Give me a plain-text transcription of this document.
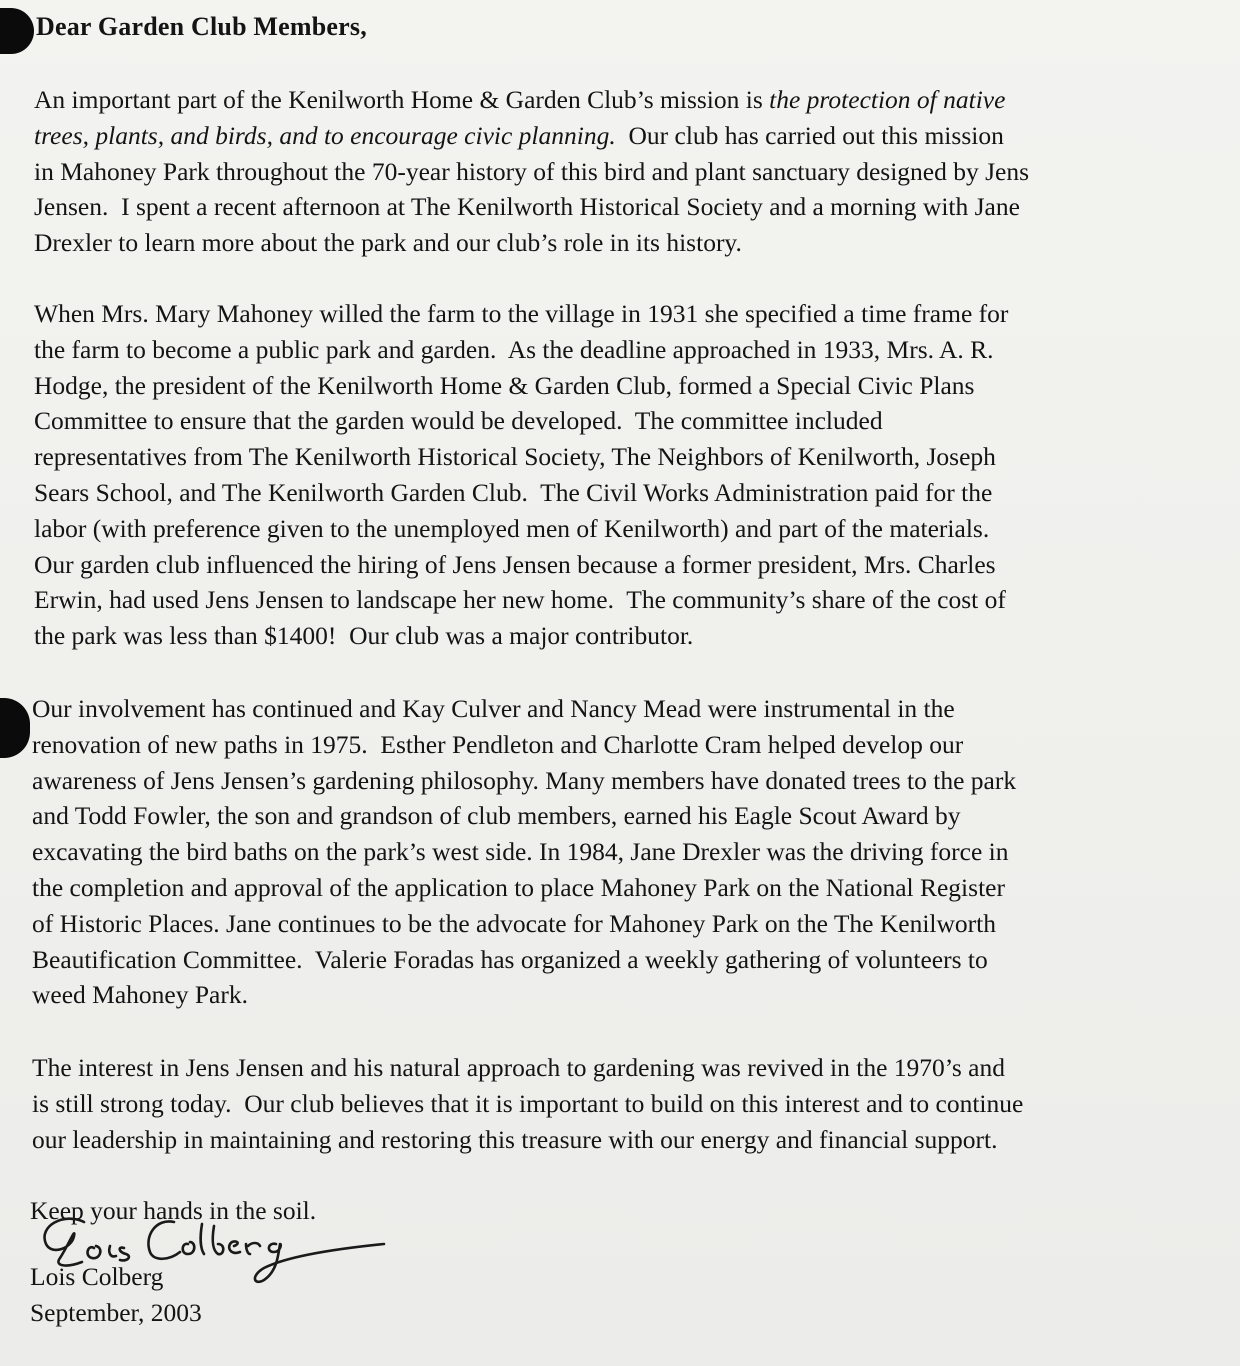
Dear Garden Club Members,

An important part of the Kenilworth Home & Garden Club’s mission is the protection of native
trees, plants, and birds, and to encourage civic planning.  Our club has carried out this mission
in Mahoney Park throughout the 70-year history of this bird and plant sanctuary designed by Jens
Jensen.  I spent a recent afternoon at The Kenilworth Historical Society and a morning with Jane
Drexler to learn more about the park and our club’s role in its history.

When Mrs. Mary Mahoney willed the farm to the village in 1931 she specified a time frame for
the farm to become a public park and garden.  As the deadline approached in 1933, Mrs. A. R.
Hodge, the president of the Kenilworth Home & Garden Club, formed a Special Civic Plans
Committee to ensure that the garden would be developed.  The committee included
representatives from The Kenilworth Historical Society, The Neighbors of Kenilworth, Joseph
Sears School, and The Kenilworth Garden Club.  The Civil Works Administration paid for the
labor (with preference given to the unemployed men of Kenilworth) and part of the materials.
Our garden club influenced the hiring of Jens Jensen because a former president, Mrs. Charles
Erwin, had used Jens Jensen to landscape her new home.  The community’s share of the cost of
the park was less than $1400!  Our club was a major contributor.

Our involvement has continued and Kay Culver and Nancy Mead were instrumental in the
renovation of new paths in 1975.  Esther Pendleton and Charlotte Cram helped develop our
awareness of Jens Jensen’s gardening philosophy. Many members have donated trees to the park
and Todd Fowler, the son and grandson of club members, earned his Eagle Scout Award by
excavating the bird baths on the park’s west side. In 1984, Jane Drexler was the driving force in
the completion and approval of the application to place Mahoney Park on the National Register
of Historic Places. Jane continues to be the advocate for Mahoney Park on the The Kenilworth
Beautification Committee.  Valerie Foradas has organized a weekly gathering of volunteers to
weed Mahoney Park.

The interest in Jens Jensen and his natural approach to gardening was revived in the 1970’s and
is still strong today.  Our club believes that it is important to build on this interest and to continue
our leadership in maintaining and restoring this treasure with our energy and financial support.

Keep your hands in the soil.
Lois Colberg
September, 2003
